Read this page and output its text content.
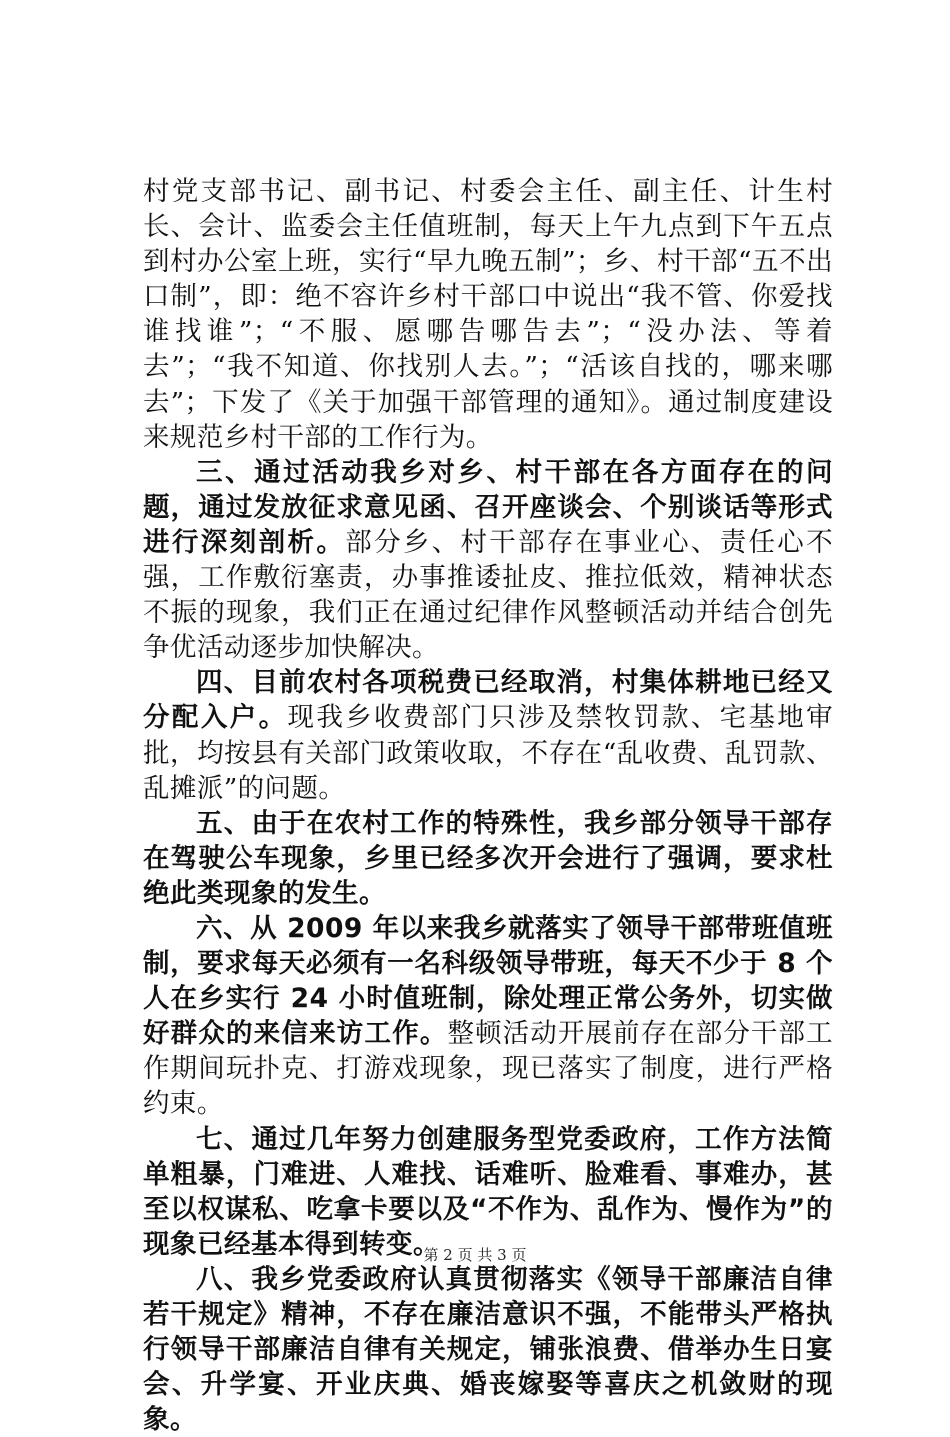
村党支部书记、副书记、村委会主任、副主任、计生村长、会计、监委会主任值班制，每天上午九点到下午五点到村办公室上班，实行“早九晚五制”；乡、村干部“五不出口制”，即：绝不容许乡村干部口中说出“我不管、你爱找谁找谁”；“不服、愿哪告哪告去”；“没办法、等着去”；“我不知道、你找别人去。”；“活该自找的，哪来哪去”；下发了《关于加强干部管理的通知》。通过制度建设来规范乡村干部的工作行为。

三、通过活动我乡对乡、村干部在各方面存在的问题，通过发放征求意见函、召开座谈会、个别谈话等形式进行深刻剖析。部分乡、村干部存在事业心、责任心不强，工作敷衍塞责，办事推诿扯皮、推拉低效，精神状态不振的现象，我们正在通过纪律作风整顿活动并结合创先争优活动逐步加快解决。

四、目前农村各项税费已经取消，村集体耕地已经又分配入户。现我乡收费部门只涉及禁牧罚款、宅基地审批，均按县有关部门政策收取，不存在“乱收费、乱罚款、乱摊派”的问题。

五、由于在农村工作的特殊性，我乡部分领导干部存在驾驶公车现象，乡里已经多次开会进行了强调，要求杜绝此类现象的发生。

六、从 2009 年以来我乡就落实了领导干部带班值班制，要求每天必须有一名科级领导带班，每天不少于 8 个人在乡实行 24 小时值班制，除处理正常公务外，切实做好群众的来信来访工作。整顿活动开展前存在部分干部工作期间玩扑克、打游戏现象，现已落实了制度，进行严格约束。

七、通过几年努力创建服务型党委政府，工作方法简单粗暴，门难进、人难找、话难听、脸难看、事难办，甚至以权谋私、吃拿卡要以及“不作为、乱作为、慢作为”的现象已经基本得到转变。

八、我乡党委政府认真贯彻落实《领导干部廉洁自律若干规定》精神，不存在廉洁意识不强，不能带头严格执行领导干部廉洁自律有关规定，铺张浪费、借举办生日宴会、升学宴、开业庆典、婚丧嫁娶等喜庆之机敛财的现象。

第 2 页 共 3 页
